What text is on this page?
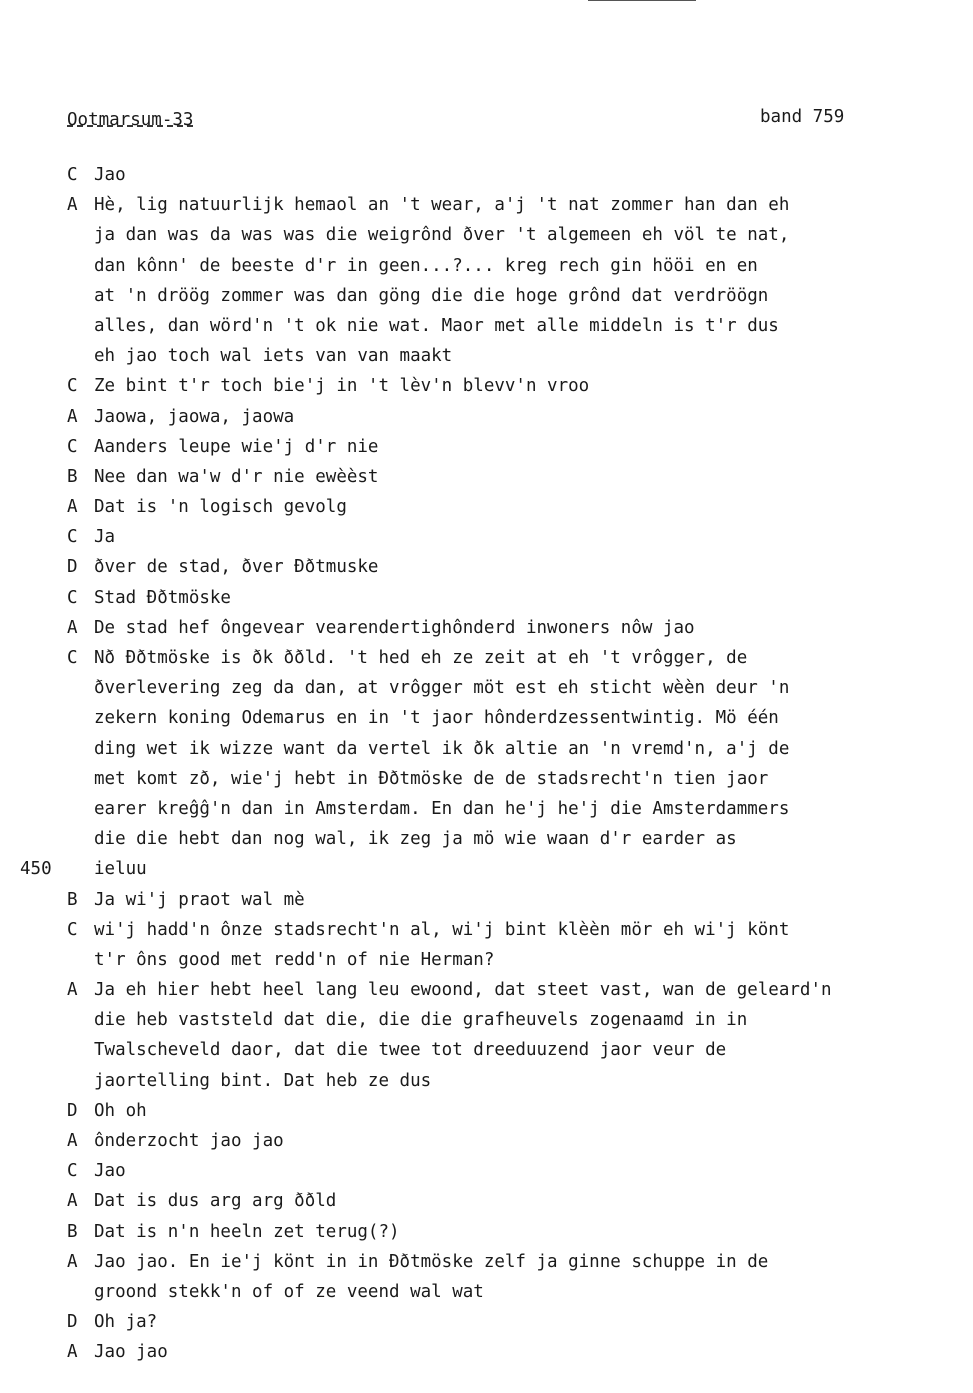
Ootmarsum-33	band 759
C Jao
A Hè, lig natuurlijk hemaol an 't wear, a'j 't nat zommer han dan eh
ja dan was da was was die weigrônd ðver 't algemeen eh völ te nat,
dan kônn' de beeste d'r in geen...?... kreg rech gin hööi en en
at 'n dröög zommer was dan göng die die hoge grônd dat verdröögn
alles, dan wörd'n 't ok nie wat. Maor met alle middeln is t'r dus
eh jao toch wal iets van van maakt
C Ze bint t'r toch bie'j in 't lèv'n blevv'n vroo
A Jaowa, jaowa, jaowa
C Aanders leupe wie'j d'r nie
B Nee dan wa'w d'r nie ewèèst
A Dat is 'n logisch gevolg
C Ja
D ðver de stad, ðver Ððtmuske
C Stad Ððtmöske
A De stad hef ôngevear vearendertighônderd inwoners nôw jao
C Nð Ððtmöske is ðk ððld. 't hed eh ze zeit at eh 't vrôgger, de
ðverlevering zeg da dan, at vrôgger möt est eh sticht wèèn deur 'n
zekern koning Odemarus en in 't jaor hônderdzessentwintig. Mö één
ding wet ik wizze want da vertel ik ðk altie an 'n vremd'n, a'j de
met komt zð, wie'j hebt in Ððtmöske de de stadsrecht'n tien jaor
earer kreĝĝ'n dan in Amsterdam. En dan he'j he'j die Amsterdammers
die die hebt dan nog wal, ik zeg ja mö wie waan d'r earder as
ieluu
450
B Ja wi'j praot wal mè
C wi'j hadd'n ônze stadsrecht'n al, wi'j bint klèèn mör eh wi'j könt
t'r ôns good met redd'n of nie Herman?
A Ja eh hier hebt heel lang leu ewoond, dat steet vast, wan de geleard'n
die heb vaststeld dat die, die die grafheuvels zogenaamd in in
Twalscheveld daor, dat die twee tot dreeduuzend jaor veur de
jaortelling bint. Dat heb ze dus
D Oh oh
A ônderzocht jao jao
C Jao
A Dat is dus arg arg ððld
B Dat is n'n heeln zet terug(?)
A Jao jao. En ie'j könt in in Ððtmöske zelf ja ginne schuppe in de
groond stekk'n of of ze veend wal wat
D Oh ja?
A Jao jao
